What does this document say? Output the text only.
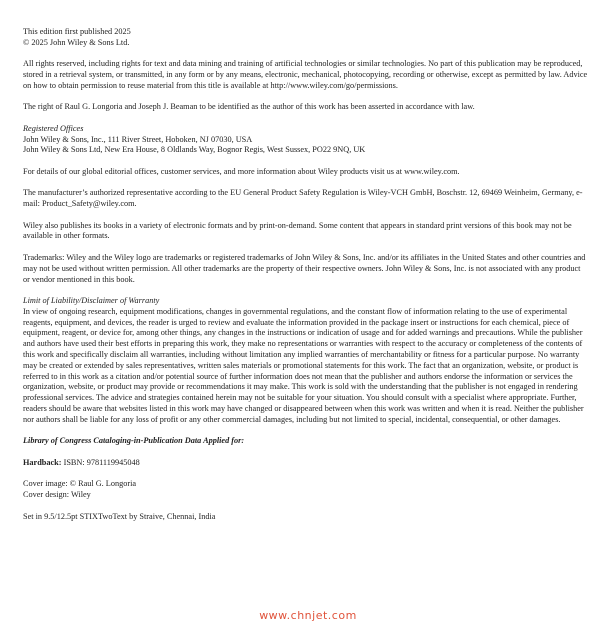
This edition first published 2025

© 2025 John Wiley & Sons Ltd.

All rights reserved, including rights for text and data mining and training of artificial technologies or similar technologies. No part of this publication may be reproduced, stored in a retrieval system, or transmitted, in any form or by any means, electronic, mechanical, photocopying, recording or otherwise, except as permitted by law. Advice on how to obtain permission to reuse material from this title is available at http://www.wiley.com/go/permissions.

The right of Raul G. Longoria and Joseph J. Beaman to be identified as the author of this work has been asserted in accordance with law.

Registered Offices

John Wiley & Sons, Inc., 111 River Street, Hoboken, NJ 07030, USA

John Wiley & Sons Ltd, New Era House, 8 Oldlands Way, Bognor Regis, West Sussex, PO22 9NQ, UK

For details of our global editorial offices, customer services, and more information about Wiley products visit us at www.wiley.com.

The manufacturer’s authorized representative according to the EU General Product Safety Regulation is Wiley-VCH GmbH, Boschstr. 12, 69469 Weinheim, Germany, e-mail: Product_Safety@wiley.com.

Wiley also publishes its books in a variety of electronic formats and by print-on-demand. Some content that appears in standard print versions of this book may not be available in other formats.

Trademarks: Wiley and the Wiley logo are trademarks or registered trademarks of John Wiley & Sons, Inc. and/or its affiliates in the United States and other countries and may not be used without written permission. All other trademarks are the property of their respective owners. John Wiley & Sons, Inc. is not associated with any product or vendor mentioned in this book.

Limit of Liability/Disclaimer of Warranty

In view of ongoing research, equipment modifications, changes in governmental regulations, and the constant flow of information relating to the use of experimental reagents, equipment, and devices, the reader is urged to review and evaluate the information provided in the package insert or instructions for each chemical, piece of equipment, reagent, or device for, among other things, any changes in the instructions or indication of usage and for added warnings and precautions. While the publisher and authors have used their best efforts in preparing this work, they make no representations or warranties with respect to the accuracy or completeness of the contents of this work and specifically disclaim all warranties, including without limitation any implied warranties of merchantability or fitness for a particular purpose. No warranty may be created or extended by sales representatives, written sales materials or promotional statements for this work. The fact that an organization, website, or product is referred to in this work as a citation and/or potential source of further information does not mean that the publisher and authors endorse the information or services the organization, website, or product may provide or recommendations it may make. This work is sold with the understanding that the publisher is not engaged in rendering professional services. The advice and strategies contained herein may not be suitable for your situation. You should consult with a specialist where appropriate. Further, readers should be aware that websites listed in this work may have changed or disappeared between when this work was written and when it is read. Neither the publisher nor authors shall be liable for any loss of profit or any other commercial damages, including but not limited to special, incidental, consequential, or other damages.

Library of Congress Cataloging-in-Publication Data Applied for:

Hardback: ISBN: 9781119945048

Cover image: © Raul G. Longoria

Cover design: Wiley

Set in 9.5/12.5pt STIXTwoText by Straive, Chennai, India

www.chnjet.com
